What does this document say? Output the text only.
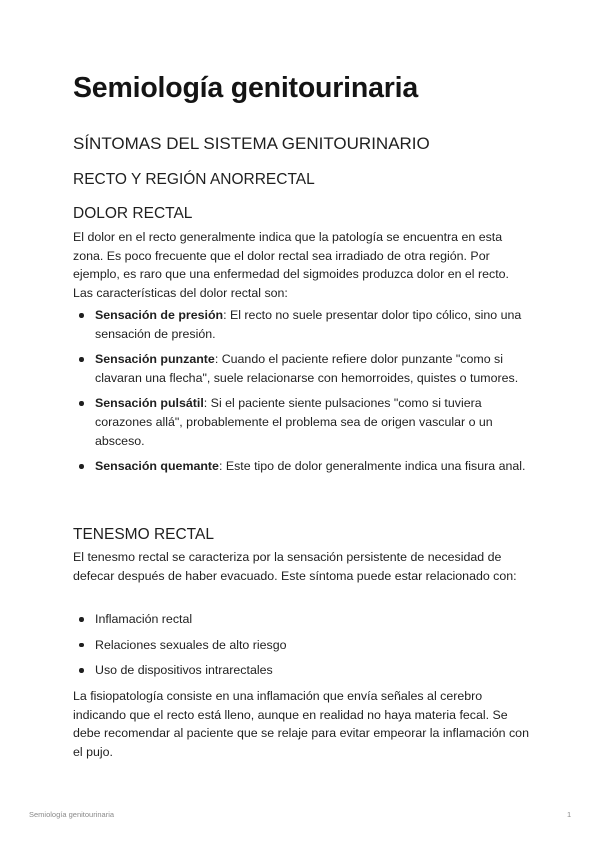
Semiología genitourinaria
SÍNTOMAS DEL SISTEMA GENITOURINARIO
RECTO Y REGIÓN ANORRECTAL
DOLOR RECTAL

El dolor en el recto generalmente indica que la patología se encuentra en esta zona. Es poco frecuente que el dolor rectal sea irradiado de otra región. Por ejemplo, es raro que una enfermedad del sigmoides produzca dolor en el recto. Las características del dolor rectal son:

Sensación de presión: El recto no suele presentar dolor tipo cólico, sino una sensación de presión.
Sensación punzante: Cuando el paciente refiere dolor punzante "como si clavaran una flecha", suele relacionarse con hemorroides, quistes o tumores.
Sensación pulsátil: Si el paciente siente pulsaciones "como si tuviera corazones allá", probablemente el problema sea de origen vascular o un absceso.
Sensación quemante: Este tipo de dolor generalmente indica una fisura anal.
TENESMO RECTAL

El tenesmo rectal se caracteriza por la sensación persistente de necesidad de defecar después de haber evacuado. Este síntoma puede estar relacionado con:

Inflamación rectal
Relaciones sexuales de alto riesgo
Uso de dispositivos intrarectales

La fisiopatología consiste en una inflamación que envía señales al cerebro indicando que el recto está lleno, aunque en realidad no haya materia fecal. Se debe recomendar al paciente que se relaje para evitar empeorar la inflamación con el pujo.

Semiología genitourinaria	1
